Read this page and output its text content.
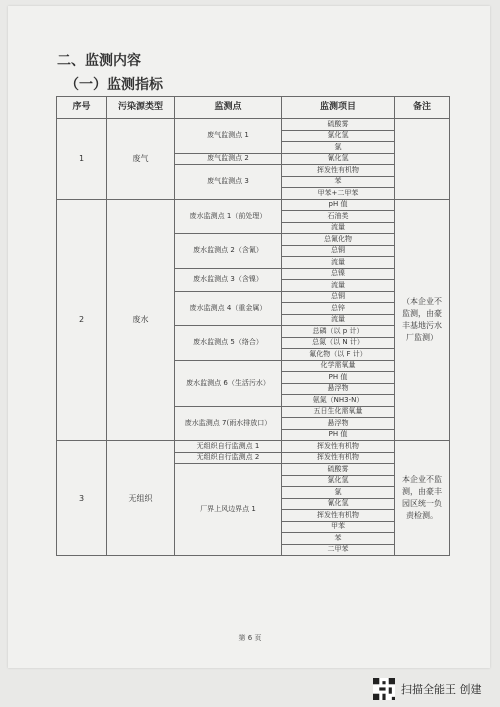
二、监测内容
（一）监测指标
序号	污染源类型	监测点	监测项目	备注
1	废气	废气监测点 1	硫酸雾	
			氯化氢	
			氯	
		废气监测点 2	氰化氢	
		废气监测点 3	挥发性有机物	
			苯	
			甲苯+二甲苯	
2	废水	废水监测点 1（前处理）	pH 值	（本企业不监测，由豪丰基地污水厂监测）
			石油类	
			流量	
		废水监测点 2（含氰）	总氰化物	
			总铜	
			流量	
		废水监测点 3（含镍）	总镍	
			流量	
		废水监测点 4（重金属）	总铜	
			总锌	
			流量	
		废水监测点 5（络合）	总磷（以 p 计）	
			总氮（以 N 计）	
			氟化物（以 F 计）	
		废水监测点 6（生活污水）	化学需氧量	
			PH 值	
			悬浮物	
			氨氮（NH3-N）	
		废水监测点 7(雨水排放口）	五日生化需氧量	
			悬浮物	
			PH 值	
3	无组织	无组织自行监测点 1	挥发性有机物	本企业不监测，由豪丰园区统一负责检测。
		无组织自行监测点 2	挥发性有机物	
		厂界上风边界点 1	硫酸雾	
			氯化氢	
			氯	
			氰化氢	
			挥发性有机物	
			甲苯	
			苯	
			二甲苯	
第 6 页
扫描全能王 创建
